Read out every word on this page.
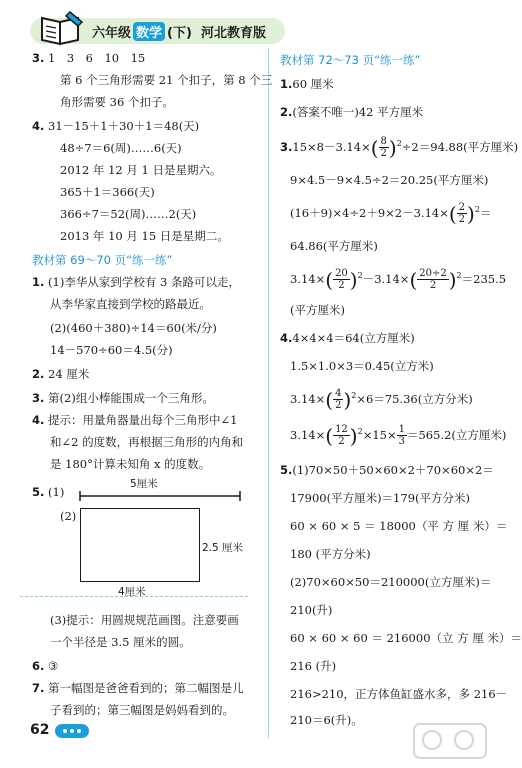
六年级 数学 (下) 河北教育版
3. 1　3　6　10　15
第 6 个三角形需要 21 个扣子，第 8 个三
角形需要 36 个扣子。
4. 31－15＋1＋30＋1＝48(天)
48÷7＝6(周)……6(天)
2012 年 12 月 1 日是星期六。
365＋1＝366(天)
366÷7＝52(周)……2(天)
2013 年 10 月 15 日是星期二。
教材第 69～70 页“练一练”
1. (1)李华从家到学校有 3 条路可以走，
从李华家直接到学校的路最近。
(2)(460＋380)÷14＝60(米/分)
14－570÷60＝4.5(分)
2. 24 厘米
3. 第(2)组小棒能围成一个三角形。
4. 提示：用量角器量出每个三角形中∠1
和∠2 的度数，再根据三角形的内角和
是 180°计算未知角 x 的度数。
5. (1)
5厘米
(2)
2.5 厘米
4厘米
(3)提示：用圆规规范画图。注意要画
一个半径是 3.5 厘米的圆。
6. ③
7. 第一幅图是爸爸看到的；第二幅图是儿
子看到的；第三幅图是妈妈看到的。
教材第 72～73 页“练一练”
1.60 厘米
2.(答案不唯一)42 平方厘米
$3.15\times 8-3.14\times( \frac{8}{2} )^2\div 2=94.88$(平方厘米)
9×4.5－9×4.5÷2＝20.25(平方厘米)
$(16+9)\times 4\div 2+9\times 2-3.14\times( \frac{2}{2} )^2=$
64.86(平方厘米)
$3.14\times( \frac{20}{2} )^2-3.14\times( \frac{20\div 2}{2} )^2=235.5$
(平方厘米)
4.4×4×4＝64(立方厘米)
1.5×1.0×3＝0.45(立方米)
$3.14\times( \frac{4}{2} )^2\times 6=75.36$(立方分米)
$3.14\times( \frac{12}{2} )^2\times 15\times \frac{1}{3} =565.2$(立方厘米)
5.(1)70×50＋50×60×2＋70×60×2＝
17900(平方厘米)＝179(平方分米)
60 × 60 × 5 ＝ 18000（平 方 厘 米）＝
180 (平方分米)
(2)70×60×50＝210000(立方厘米)＝
210(升)
60 × 60 × 60 ＝ 216000（立 方 厘 米）＝
216 (升)
216>210，正方体鱼缸盛水多，多 216－
210＝6(升)。
62
